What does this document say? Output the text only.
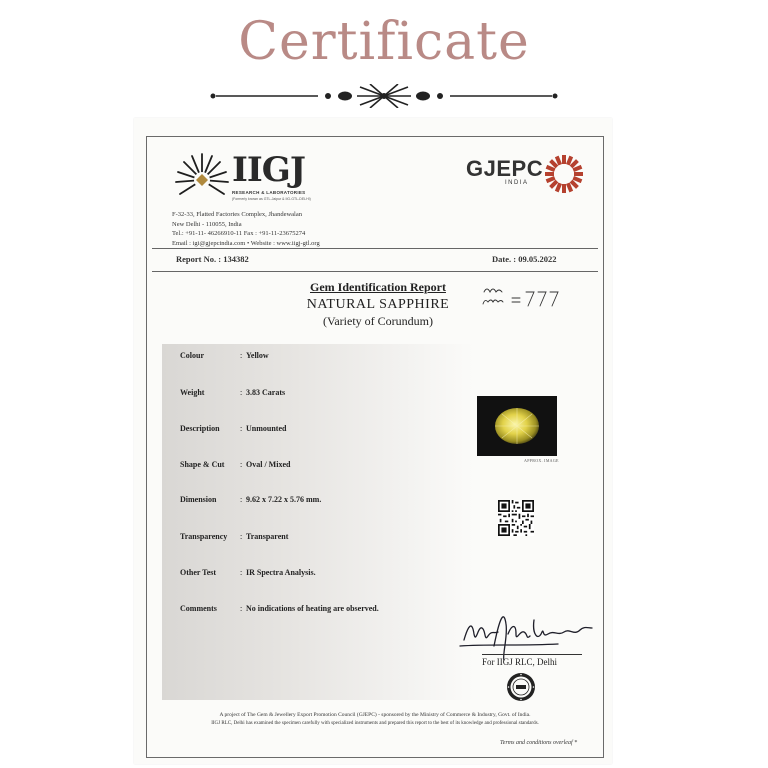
Certificate
IIGJ
RESEARCH & LABORATORIES
(Formerly known as GTL-Jaipur & IIG-GTL-DELHI)
GJEPC
INDIA
F-32-33, Flatted Factories Complex, Jhandewalan
New Delhi - 110055, India
Tel.: +91-11- 46266910-11 Fax : +91-11-23675274
Email : igi@gjepcindia.com • Website : www.iigj-gtl.org
Report No. : 134382	Date. : 09.05.2022
Gem Identification Report
NATURAL SAPPHIRE
(Variety of Corundum)
Colour	: Yellow
Weight	: 3.83 Carats
Description	: Unmounted
Shape & Cut	: Oval / Mixed
Dimension	: 9.62 x 7.22 x 5.76 mm.
Transparency	: Transparent
Other Test	: IR Spectra Analysis.
Comments	: No indications of heating are observed.
APPROX. IMAGE
For IIGJ RLC, Delhi
A project of The Gem & Jewellery Export Promotion Council (GJEPC) - sponsored by the Ministry of Commerce & Industry, Govt. of India.
IIGJ RLC, Delhi has examined the specimen carefully with specialized instruments and prepared this report to the best of its knowledge and professional standards.
Terms and conditions overleaf *
